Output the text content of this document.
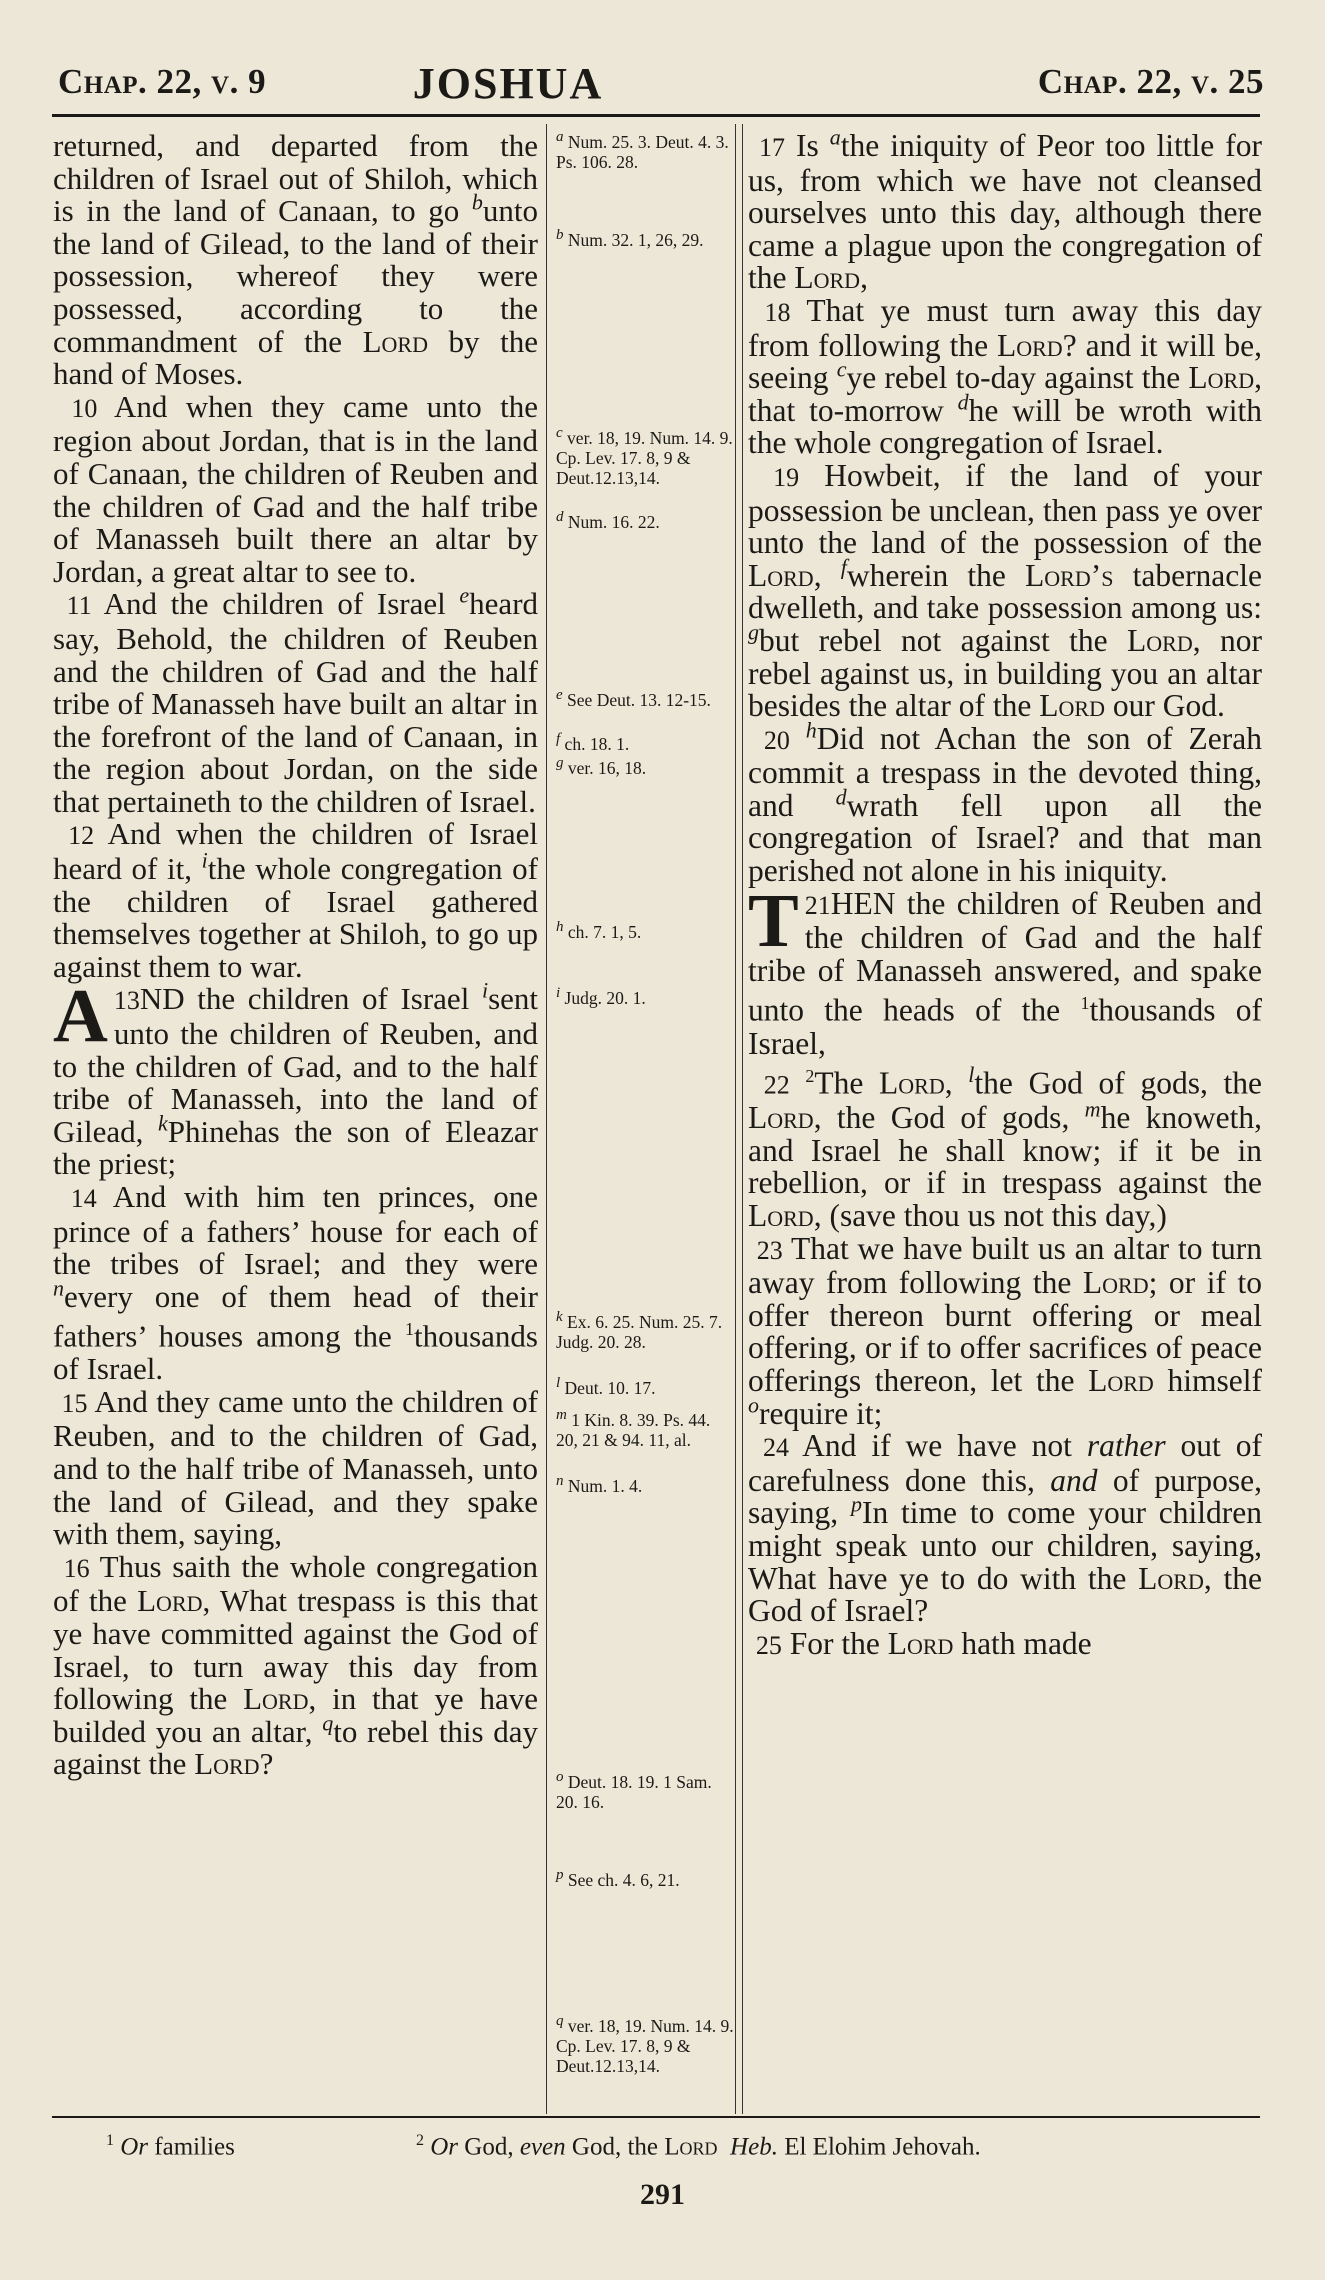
Chap. 22, v. 9	JOSHUA	Chap. 22, v. 25

returned, and departed from the children of Israel out of Shiloh, which is in the land of Canaan, to go $^b$unto the land of Gilead, to the land of their possession, whereof they were possessed, according to the commandment of the Lord by the hand of Moses.

10 And when they came unto the region about Jordan, that is in the land of Canaan, the children of Reuben and the children of Gad and the half tribe of Manasseh built there an altar by Jordan, a great altar to see to.

11 And the children of Israel $^e$heard say, Behold, the children of Reuben and the children of Gad and the half tribe of Manasseh have built an altar in the forefront of the land of Canaan, in the region about Jordan, on the side that pertaineth to the children of Israel.

12 And when the children of Israel heard of it, $^i$the whole congregation of the children of Israel gathered themselves together at Shiloh, to go up against them to war.

13
A ND the children of Israel $^i$sent unto the children of Reuben, and to the children of Gad, and to the half tribe of Manasseh, into the land of Gilead, $^k$Phinehas the son of Eleazar the priest;

14 And with him ten princes, one prince of a fathers’ house for each of the tribes of Israel; and they were $^n$every one of them head of their fathers’ houses among the $^1$thousands of Israel.

15 And they came unto the children of Reuben, and to the children of Gad, and to the half tribe of Manasseh, unto the land of Gilead, and they spake with them, saying,

16 Thus saith the whole congregation of the Lord, What trespass is this that ye have committed against the God of Israel, to turn away this day from following the Lord, in that ye have builded you an altar, $^q$to rebel this day against the Lord?

a Num. 25. 3. Deut. 4. 3. Ps. 106. 28.
b Num. 32. 1, 26, 29.
c ver. 18, 19. Num. 14. 9. Cp. Lev. 17. 8, 9 & Deut.12.13,14.
d Num. 16. 22.
e See Deut. 13. 12-15.
f ch. 18. 1.
g ver. 16, 18.
h ch. 7. 1, 5.
i Judg. 20. 1.
k Ex. 6. 25. Num. 25. 7. Judg. 20. 28.
l Deut. 10. 17.
m 1 Kin. 8. 39. Ps. 44. 20, 21 & 94. 11, al.
n Num. 1. 4.
o Deut. 18. 19. 1 Sam. 20. 16.
p See ch. 4. 6, 21.
q ver. 18, 19. Num. 14. 9. Cp. Lev. 17. 8, 9 & Deut.12.13,14.

17 Is $^a$the iniquity of Peor too little for us, from which we have not cleansed ourselves unto this day, although there came a plague upon the congregation of the Lord,

18 That ye must turn away this day from following the Lord? and it will be, seeing $^c$ye rebel to-day against the Lord, that to-morrow $^d$he will be wroth with the whole congregation of Israel.

19 Howbeit, if the land of your possession be unclean, then pass ye over unto the land of the possession of the Lord, $^f$wherein the Lord’s tabernacle dwelleth, and take possession among us: $^g$but rebel not against the Lord, nor rebel against us, in building you an altar besides the altar of the Lord our God.

20 $^h$Did not Achan the son of Zerah commit a trespass in the devoted thing, and $^d$wrath fell upon all the congregation of Israel? and that man perished not alone in his iniquity.

21
T HEN the children of Reuben and the children of Gad and the half tribe of Manasseh answered, and spake unto the heads of the $^1$thousands of Israel,

22 $^2$The Lord, $^l$the God of gods, the Lord, the God of gods, $^m$he knoweth, and Israel he shall know; if it be in rebellion, or if in trespass against the Lord, (save thou us not this day,)

23 That we have built us an altar to turn away from following the Lord; or if to offer thereon burnt offering or meal offering, or if to offer sacrifices of peace offerings thereon, let the Lord himself $^o$require it;

24 And if we have not rather out of carefulness done this, and of purpose, saying, $^p$In time to come your children might speak unto our children, saying, What have ye to do with the Lord, the God of Israel?

25 For the Lord hath made

$^1$ Or families	$^2$ Or God, even God, the Lord Heb. El Elohim Jehovah.
291
